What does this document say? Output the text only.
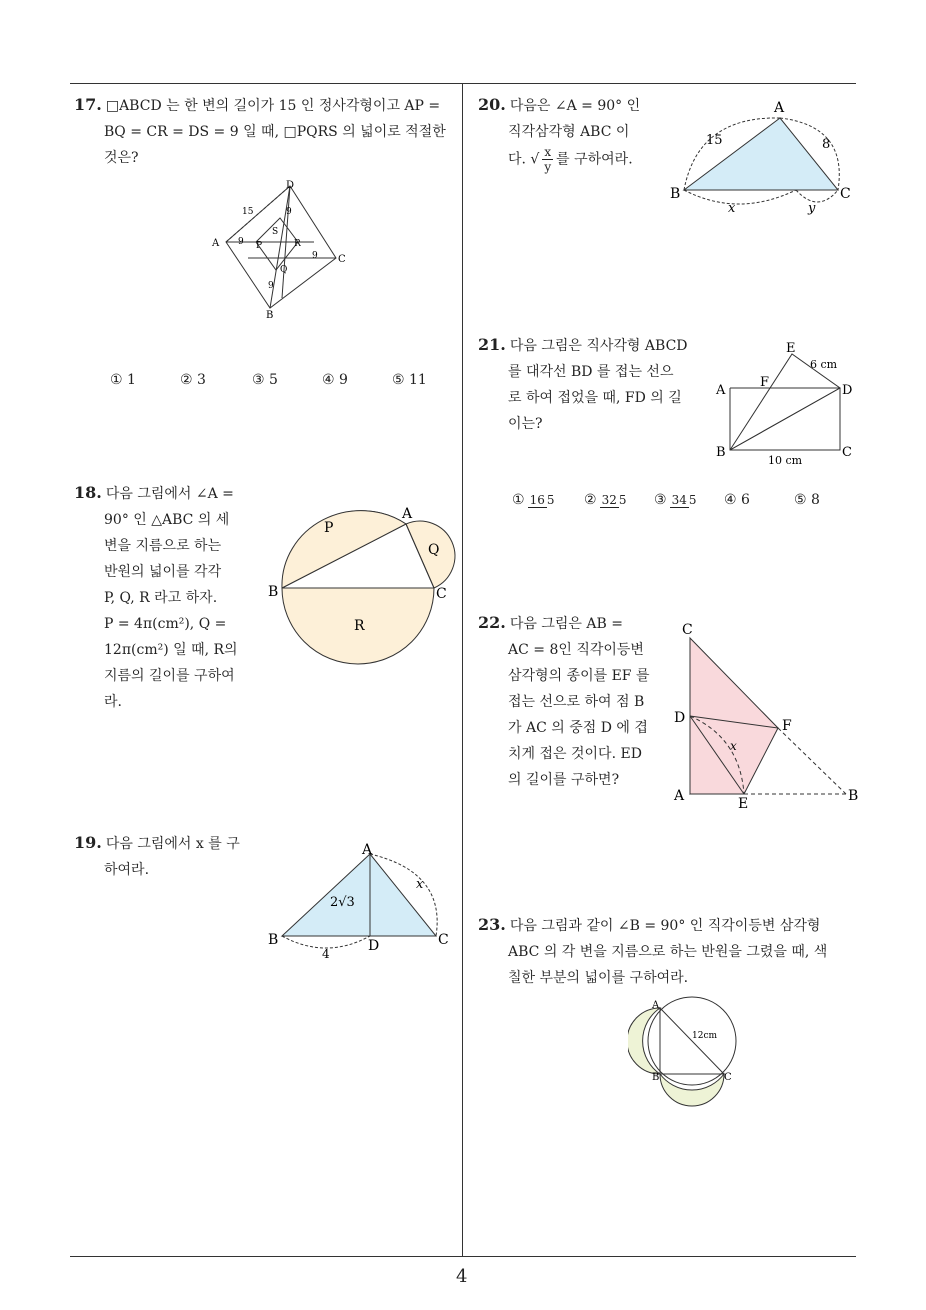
17. □ABCD 는 한 변의 길이가 15 인 정사각형이고 AP =
BQ = CR = DS = 9 일 때, □PQRS 의 넓이로 적절한
것은?
D
A
C
B
P
S
R
Q
15
9
9
9
9
① 1	② 3	③ 5	④ 9	⑤ 11
18. 다음 그림에서 ∠A =
90° 인 △ABC 의 세
변을 지름으로 하는
반원의 넓이를 각각
P, Q, R 라고 하자.
P = 4π(cm²), Q =
12π(cm²) 일 때, R의
지름의 길이를 구하여
라.
P
Q
R
A
B	C
19. 다음 그림에서 x 를 구
하여라.
A
B	C
D
2√3
4
x
20. 다음은 ∠A = 90° 인
직각삼각형 ABC 이
다. √ $\frac{x}{y}$ 를 구하여라.
A
B	C
15	8
x	y
21. 다음 그림은 직사각형 ABCD
를 대각선 BD 를 접는 선으
로 하여 접었을 때, FD 의 길
이는?
E
F
A	D
B	C
6 cm
10 cm
① 16 5	② 32 5	③ 34 5	④ 6	⑤ 8
22. 다음 그림은 AB =
AC = 8인 직각이등변
삼각형의 종이를 EF 를
접는 선으로 하여 점 B
가 AC 의 중점 D 에 겹
치게 접은 것이다. ED
의 길이를 구하면?
C
D	F
A	E	B
x
23. 다음 그림과 같이 ∠B = 90° 인 직각이등변 삼각형
ABC 의 각 변을 지름으로 하는 반원을 그렸을 때, 색
칠한 부분의 넓이를 구하여라.
A
B	C
12cm
4
